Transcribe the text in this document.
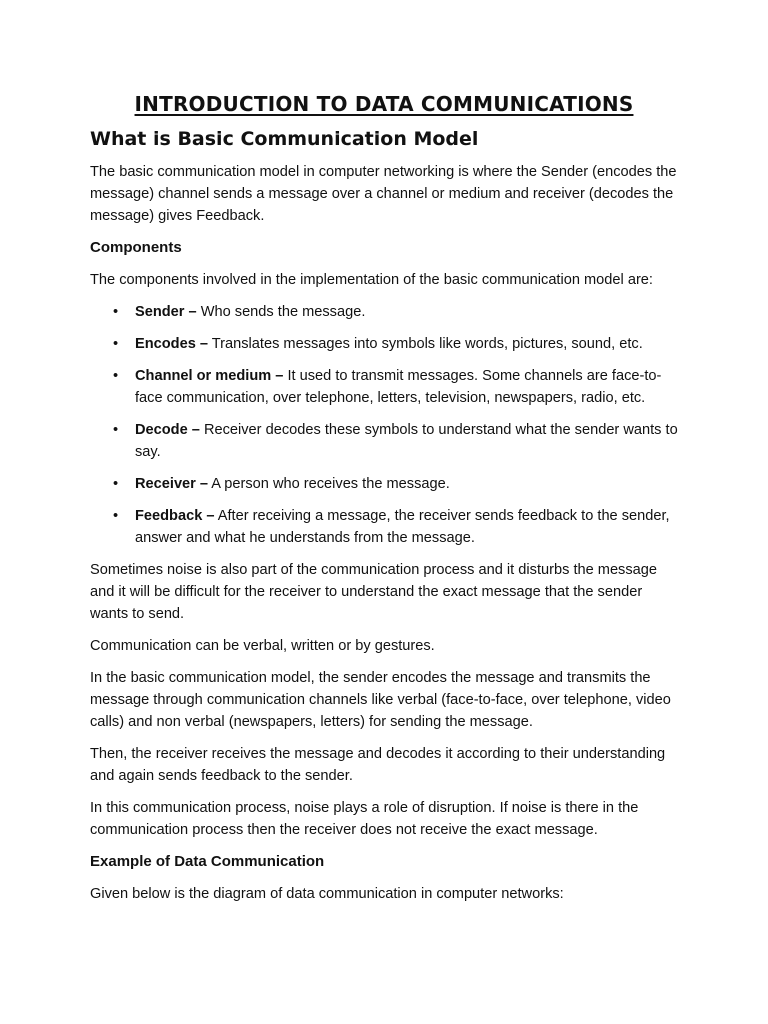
INTRODUCTION TO DATA COMMUNICATIONS
What is Basic Communication Model

The basic communication model in computer networking is where the Sender (encodes the message) channel sends a message over a channel or medium and receiver (decodes the message) gives Feedback.

Components

The components involved in the implementation of the basic communication model are:

• Sender – Who sends the message.
• Encodes – Translates messages into symbols like words, pictures, sound, etc.
• Channel or medium – It used to transmit messages. Some channels are face-to-face communication, over telephone, letters, television, newspapers, radio, etc.
• Decode – Receiver decodes these symbols to understand what the sender wants to say.
• Receiver – A person who receives the message.
• Feedback – After receiving a message, the receiver sends feedback to the sender, answer and what he understands from the message.

Sometimes noise is also part of the communication process and it disturbs the message and it will be difficult for the receiver to understand the exact message that the sender wants to send.

Communication can be verbal, written or by gestures.

In the basic communication model, the sender encodes the message and transmits the message through communication channels like verbal (face-to-face, over telephone, video calls) and non verbal (newspapers, letters) for sending the message.

Then, the receiver receives the message and decodes it according to their understanding and again sends feedback to the sender.

In this communication process, noise plays a role of disruption. If noise is there in the communication process then the receiver does not receive the exact message.

Example of Data Communication

Given below is the diagram of data communication in computer networks:
